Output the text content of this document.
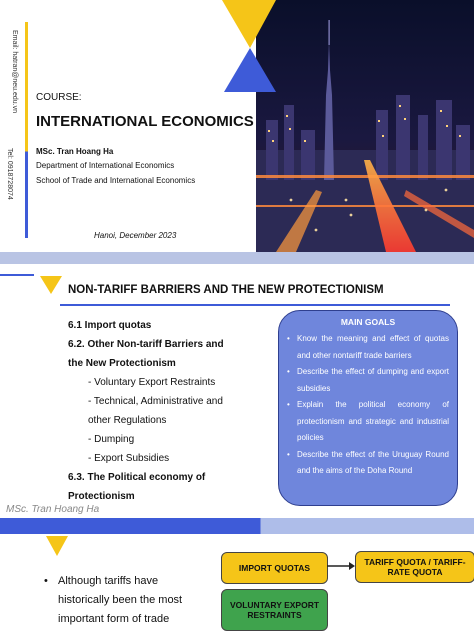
Email: hatran@neu.edu.vn
Tel: 0918728074
COURSE:
INTERNATIONAL ECONOMICS
MSc. Tran Hoang Ha
Department of International Economics
School of Trade and International Economics
Hanoi, December 2023
NON-TARIFF BARRIERS AND THE NEW PROTECTIONISM
6.1 Import quotas
6.2. Other Non-tariff Barriers and
the New Protectionism
- Voluntary Export Restraints
- Technical, Administrative and
other Regulations
- Dumping
- Export Subsidies
6.3. The Political economy of
Protectionism
MAIN GOALS
• Know the meaning and effect of quotas and other nontariff trade barriers
• Describe the effect of dumping and export subsidies
• Explain the political economy of protectionism and strategic and industrial policies
• Describe the effect of the Uruguay Round and the aims of the Doha Round
MSc. Tran Hoang Ha
• Although tariffs have historically been the most important form of trade
IMPORT QUOTAS
TARIFF QUOTA / TARIFF-RATE QUOTA
VOLUNTARY EXPORT RESTRAINTS
